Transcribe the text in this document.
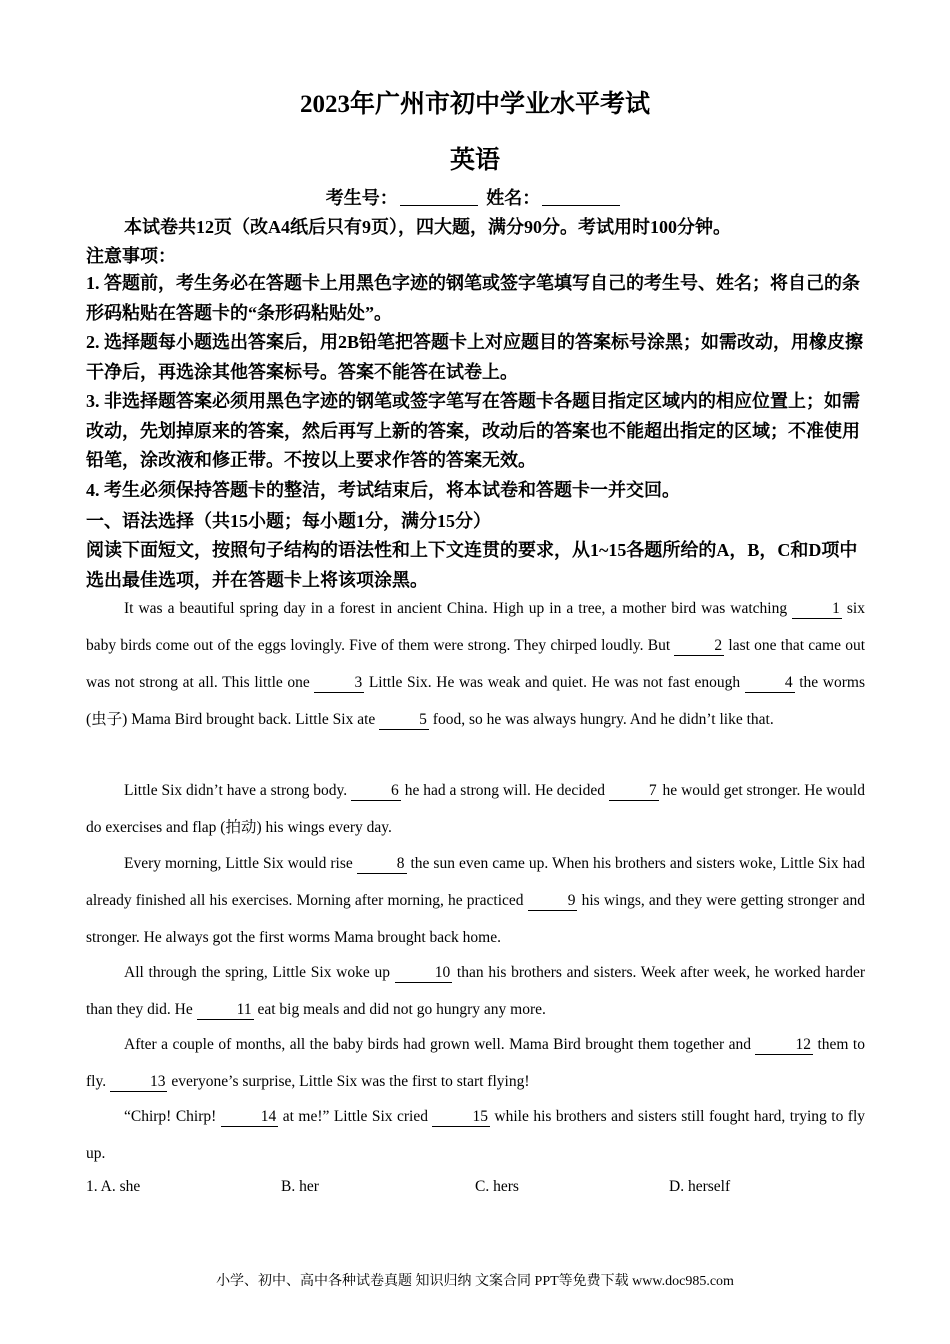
2023年广州市初中学业水平考试
英语
考生号：	姓名：
本试卷共12页（改A4纸后只有9页），四大题，满分90分。考试用时100分钟。
注意事项：
1. 答题前，考生务必在答题卡上用黑色字迹的钢笔或签字笔填写自己的考生号、姓名；将自己的条形码粘贴在答题卡的“条形码粘贴处”。
2. 选择题每小题选出答案后，用2B铅笔把答题卡上对应题目的答案标号涂黑；如需改动，用橡皮擦干净后，再选涂其他答案标号。答案不能答在试卷上。
3. 非选择题答案必须用黑色字迹的钢笔或签字笔写在答题卡各题目指定区域内的相应位置上；如需改动，先划掉原来的答案，然后再写上新的答案，改动后的答案也不能超出指定的区域；不准使用铅笔，涂改液和修正带。不按以上要求作答的答案无效。
4. 考生必须保持答题卡的整洁，考试结束后，将本试卷和答题卡一并交回。
一、语法选择（共15小题；每小题1分，满分15分）
阅读下面短文，按照句子结构的语法性和上下文连贯的要求，从1~15各题所给的A，B，C和D项中选出最佳选项，并在答题卡上将该项涂黑。
It was a beautiful spring day in a forest in ancient China. High up in a tree, a mother bird was watching	1 six baby birds come out of the eggs lovingly. Five of them were strong. They chirped loudly. But	2 last one that came out was not strong at all. This little one	3 Little Six. He was weak and quiet. He was not fast enough	4 the worms (虫子) Mama Bird brought back. Little Six ate	5 food, so he was always hungry. And he didn’t like that.
Little Six didn’t have a strong body.	6 he had a strong will. He decided	7 he would get stronger. He would do exercises and flap (拍动) his wings every day.
Every morning, Little Six would rise	8 the sun even came up. When his brothers and sisters woke, Little Six had already finished all his exercises. Morning after morning, he practiced	9 his wings, and they were getting stronger and stronger. He always got the first worms Mama brought back home.
All through the spring, Little Six woke up	10 than his brothers and sisters. Week after week, he worked harder than they did. He	11 eat big meals and did not go hungry any more.
After a couple of months, all the baby birds had grown well. Mama Bird brought them together and	12 them to fly.	13 everyone’s surprise, Little Six was the first to start flying!
“Chirp! Chirp!	14 at me!” Little Six cried	15 while his brothers and sisters still fought hard, trying to fly up.
1. A. she	B. her	C. hers	D. herself
小学、初中、高中各种试卷真题 知识归纳 文案合同 PPT等免费下载 www.doc985.com
